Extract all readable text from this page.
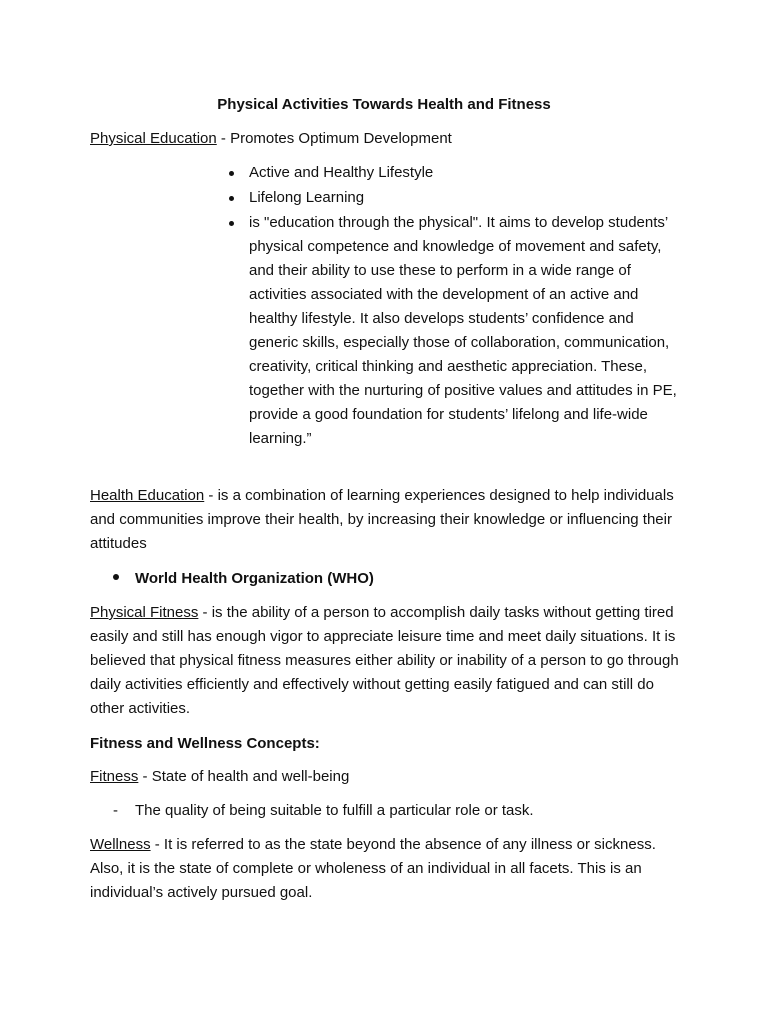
Physical Activities Towards Health and Fitness
Physical Education - Promotes Optimum Development
Active and Healthy Lifestyle
Lifelong Learning
is "education through the physical". It aims to develop students’ physical competence and knowledge of movement and safety, and their ability to use these to perform in a wide range of activities associated with the development of an active and healthy lifestyle. It also develops students’ confidence and generic skills, especially those of collaboration, communication, creativity, critical thinking and aesthetic appreciation. These, together with the nurturing of positive values and attitudes in PE, provide a good foundation for students’ lifelong and life-wide learning.”
Health Education - is a combination of learning experiences designed to help individuals and communities improve their health, by increasing their knowledge or influencing their attitudes
World Health Organization (WHO)
Physical Fitness - is the ability of a person to accomplish daily tasks without getting tired easily and still has enough vigor to appreciate leisure time and meet daily situations. It is believed that physical fitness measures either ability or inability of a person to go through daily activities efficiently and effectively without getting easily fatigued and can still do other activities.
Fitness and Wellness Concepts:
Fitness - State of health and well-being
- The quality of being suitable to fulfill a particular role or task.
Wellness - It is referred to as the state beyond the absence of any illness or sickness. Also, it is the state of complete or wholeness of an individual in all facets. This is an individual’s actively pursued goal.
